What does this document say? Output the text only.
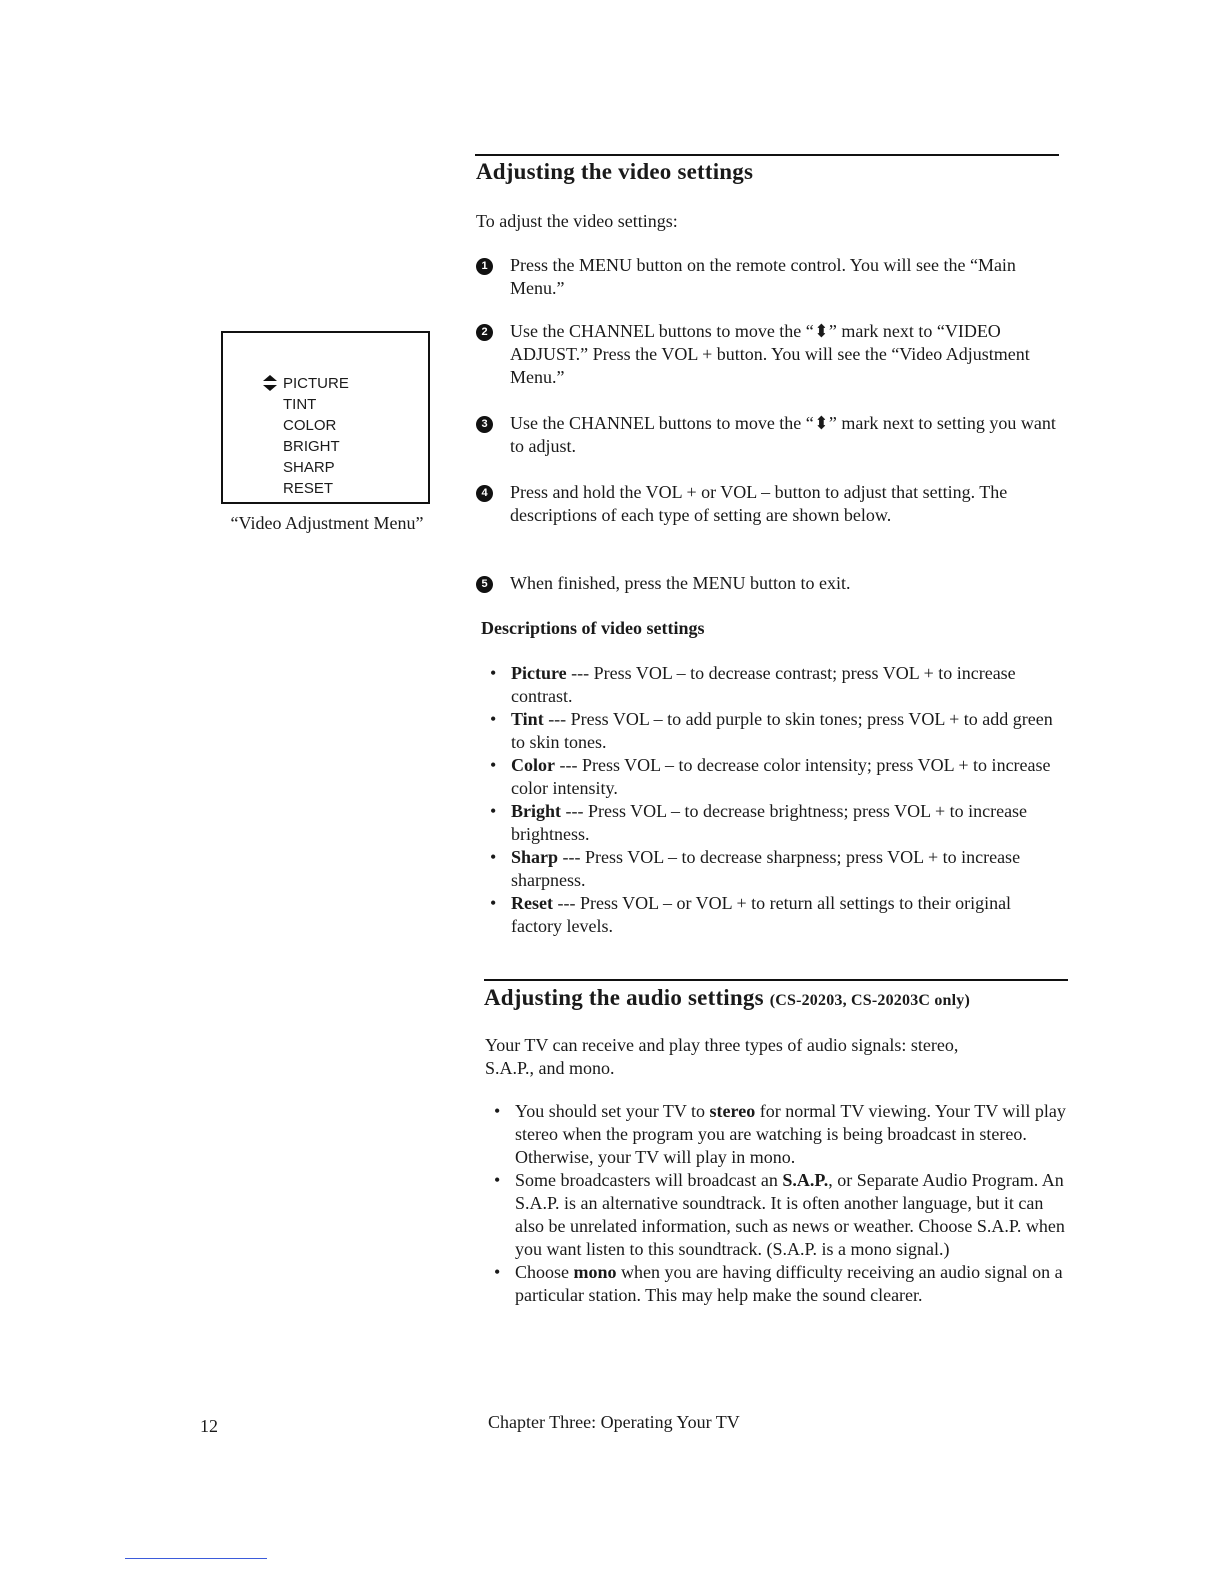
Adjusting the video settings

To adjust the video settings:

1	Press the MENU button on the remote control. You will see the “Main Menu.”

2	Use the CHANNEL buttons to move the “⬍” mark next to “VIDEO ADJUST.” Press the VOL + button. You will see the “Video Adjustment Menu.”

3	Use the CHANNEL buttons to move the “⬍” mark next to setting you want to adjust.

4	Press and hold the VOL + or VOL – button to adjust that setting. The descriptions of each type of setting are shown below.

5	When finished, press the MENU button to exit.

Descriptions of video settings
• Picture --- Press VOL – to decrease contrast; press VOL + to increase contrast.
• Tint --- Press VOL – to add purple to skin tones; press VOL + to add green to skin tones.
• Color --- Press VOL – to decrease color intensity; press VOL + to increase color intensity.
• Bright --- Press VOL – to decrease brightness; press VOL + to increase brightness.
• Sharp --- Press VOL – to decrease sharpness; press VOL + to increase sharpness.
• Reset --- Press VOL – or VOL + to return all settings to their original factory levels.
PICTURE
TINT
COLOR
BRIGHT
SHARP
RESET
“Video Adjustment Menu”
Adjusting the audio settings (CS-20203, CS-20203C only)

Your TV can receive and play three types of audio signals: stereo, S.A.P., and mono.

• You should set your TV to stereo for normal TV viewing. Your TV will play stereo when the program you are watching is being broadcast in stereo. Otherwise, your TV will play in mono.
• Some broadcasters will broadcast an S.A.P., or Separate Audio Program. An S.A.P. is an alternative soundtrack. It is often another language, but it can also be unrelated information, such as news or weather. Choose S.A.P. when you want listen to this soundtrack. (S.A.P. is a mono signal.)
• Choose mono when you are having difficulty receiving an audio signal on a particular station. This may help make the sound clearer.
12	Chapter Three: Operating Your TV
